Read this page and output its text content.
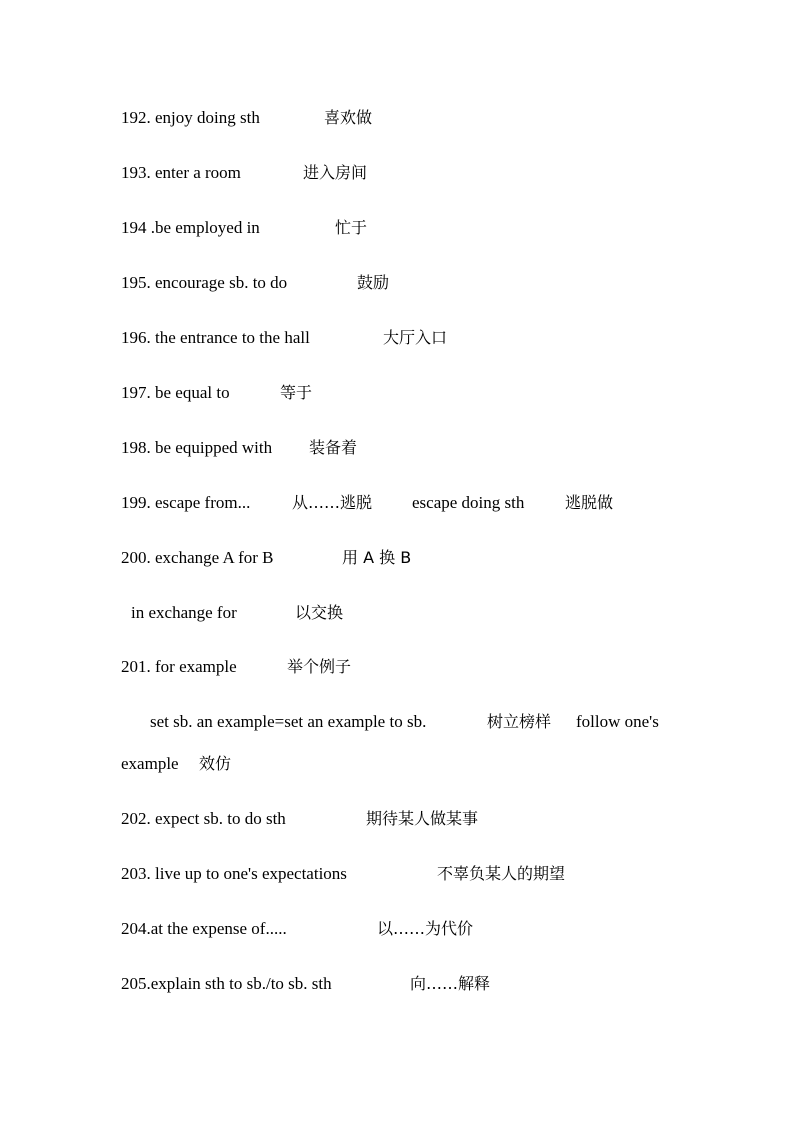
192. enjoy doing sth	喜欢做
193. enter a room	进入房间
194 .be employed in	忙于
195. encourage sb. to do	鼓励
196. the entrance to the hall	大厅入口
197. be equal to	等于
198. be equipped with 装备着
199. escape from...	从……逃脱 escape doing sth	逃脱做
200. exchange A for B	用 A 换 B
in exchange for	以交换
201. for example	举个例子
set sb. an example=set an example to sb.	树立榜样 follow one's
example 效仿
202. expect sb. to do sth	期待某人做某事
203. live up to one's expectations	不辜负某人的期望
204.at the expense of.....	以……为代价
205.explain sth to sb./to sb. sth	向……解释
